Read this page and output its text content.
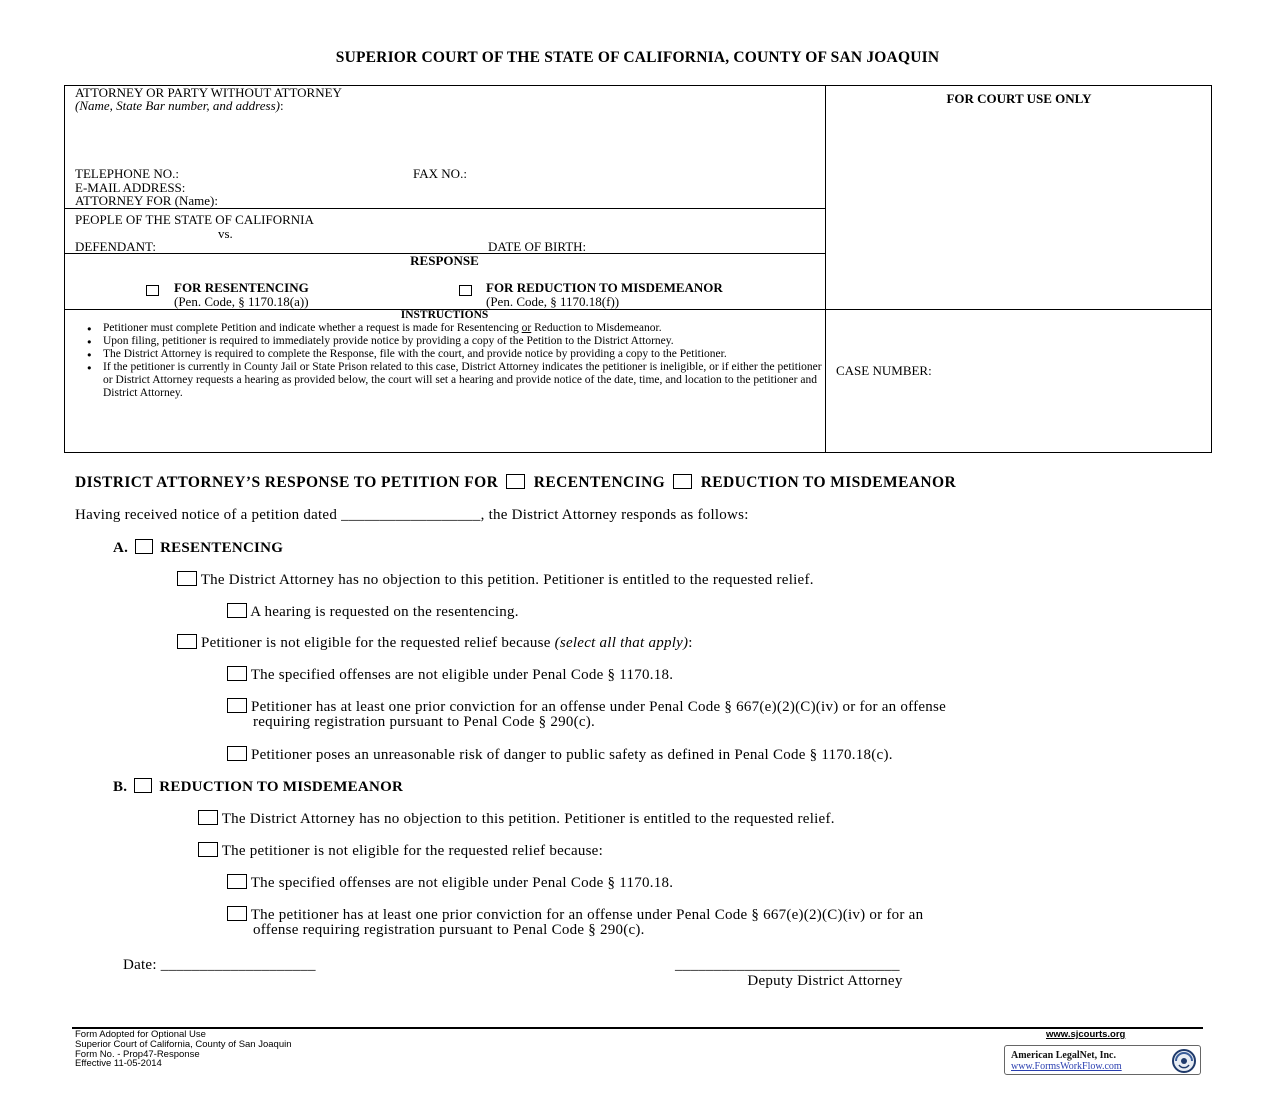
SUPERIOR COURT OF THE STATE OF CALIFORNIA, COUNTY OF SAN JOAQUIN
ATTORNEY OR PARTY WITHOUT ATTORNEY
(Name, State Bar number, and address):
TELEPHONE NO.:	FAX NO.:
E-MAIL ADDRESS:
ATTORNEY FOR (Name):
FOR COURT USE ONLY
PEOPLE OF THE STATE OF CALIFORNIA
vs.
DEFENDANT:	DATE OF BIRTH:
RESPONSE
FOR RESENTENCING
(Pen. Code, § 1170.18(a))
FOR REDUCTION TO MISDEMEANOR
(Pen. Code, § 1170.18(f))
INSTRUCTIONS
● Petitioner must complete Petition and indicate whether a request is made for Resentencing or Reduction to Misdemeanor.
● Upon filing, petitioner is required to immediately provide notice by providing a copy of the Petition to the District Attorney.
● The District Attorney is required to complete the Response, file with the court, and provide notice by providing a copy to the Petitioner.
● If the petitioner is currently in County Jail or State Prison related to this case, District Attorney indicates the petitioner is ineligible, or if either the petitioner or District Attorney requests a hearing as provided below, the court will set a hearing and provide notice of the date, time, and location to the petitioner and District Attorney.
CASE NUMBER:
DISTRICT ATTORNEY’S RESPONSE TO PETITION FOR RECENTENCING REDUCTION TO MISDEMEANOR
Having received notice of a petition dated __________________, the District Attorney responds as follows:
A. RESENTENCING
The District Attorney has no objection to this petition. Petitioner is entitled to the requested relief.
A hearing is requested on the resentencing.
Petitioner is not eligible for the requested relief because (select all that apply):
The specified offenses are not eligible under Penal Code § 1170.18.
Petitioner has at least one prior conviction for an offense under Penal Code § 667(e)(2)(C)(iv) or for an offense
requiring registration pursuant to Penal Code § 290(c).
Petitioner poses an unreasonable risk of danger to public safety as defined in Penal Code § 1170.18(c).
B. REDUCTION TO MISDEMEANOR
The District Attorney has no objection to this petition. Petitioner is entitled to the requested relief.
The petitioner is not eligible for the requested relief because:
The specified offenses are not eligible under Penal Code § 1170.18.
The petitioner has at least one prior conviction for an offense under Penal Code § 667(e)(2)(C)(iv) or for an
offense requiring registration pursuant to Penal Code § 290(c).
Date: ____________________	_____________________________
Deputy District Attorney
Form Adopted for Optional Use
Superior Court of California, County of San Joaquin
Form No. - Prop47-Response
Effective 11-05-2014
www.sjcourts.org
American LegalNet, Inc.
www.FormsWorkFlow.com
